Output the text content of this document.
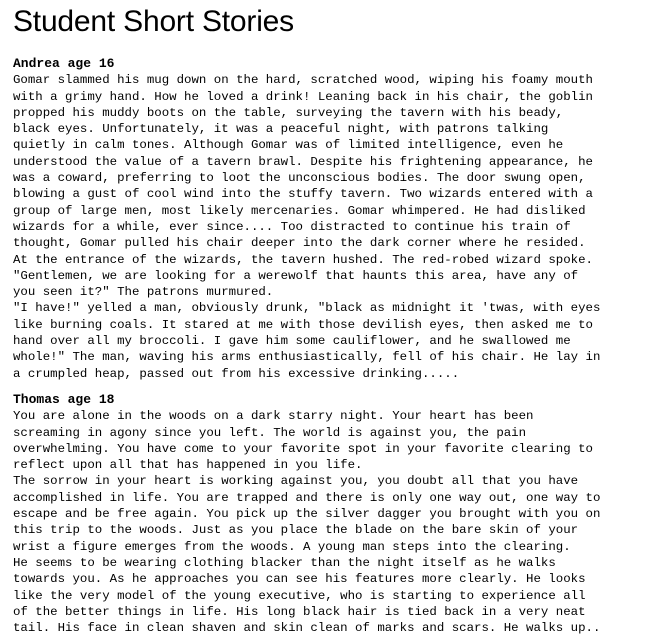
Student Short Stories

Andrea age 16

Gomar slammed his mug down on the hard, scratched wood, wiping his foamy mouth

with a grimy hand. How he loved a drink! Leaning back in his chair, the goblin

propped his muddy boots on the table, surveying the tavern with his beady,

black eyes. Unfortunately, it was a peaceful night, with patrons talking

quietly in calm tones. Although Gomar was of limited intelligence, even he

understood the value of a tavern brawl. Despite his frightening appearance, he

was a coward, preferring to loot the unconscious bodies. The door swung open,

blowing a gust of cool wind into the stuffy tavern. Two wizards entered with a

group of large men, most likely mercenaries. Gomar whimpered. He had disliked

wizards for a while, ever since.... Too distracted to continue his train of

thought, Gomar pulled his chair deeper into the dark corner where he resided.

At the entrance of the wizards, the tavern hushed. The red-robed wizard spoke.

"Gentlemen, we are looking for a werewolf that haunts this area, have any of

you seen it?" The patrons murmured.

"I have!" yelled a man, obviously drunk, "black as midnight it 'twas, with eyes

like burning coals. It stared at me with those devilish eyes, then asked me to

hand over all my broccoli. I gave him some cauliflower, and he swallowed me

whole!" The man, waving his arms enthusiastically, fell of his chair. He lay in

a crumpled heap, passed out from his excessive drinking.....

Thomas age 18

You are alone in the woods on a dark starry night. Your heart has been

screaming in agony since you left. The world is against you, the pain

overwhelming. You have come to your favorite spot in your favorite clearing to

reflect upon all that has happened in you life.

The sorrow in your heart is working against you, you doubt all that you have

accomplished in life. You are trapped and there is only one way out, one way to

escape and be free again. You pick up the silver dagger you brought with you on

this trip to the woods. Just as you place the blade on the bare skin of your

wrist a figure emerges from the woods. A young man steps into the clearing.

He seems to be wearing clothing blacker than the night itself as he walks

towards you. As he approaches you can see his features more clearly. He looks

like the very model of the young executive, who is starting to experience all

of the better things in life. His long black hair is tied back in a very neat

tail. His face in clean shaven and skin clean of marks and scars. He walks up..
